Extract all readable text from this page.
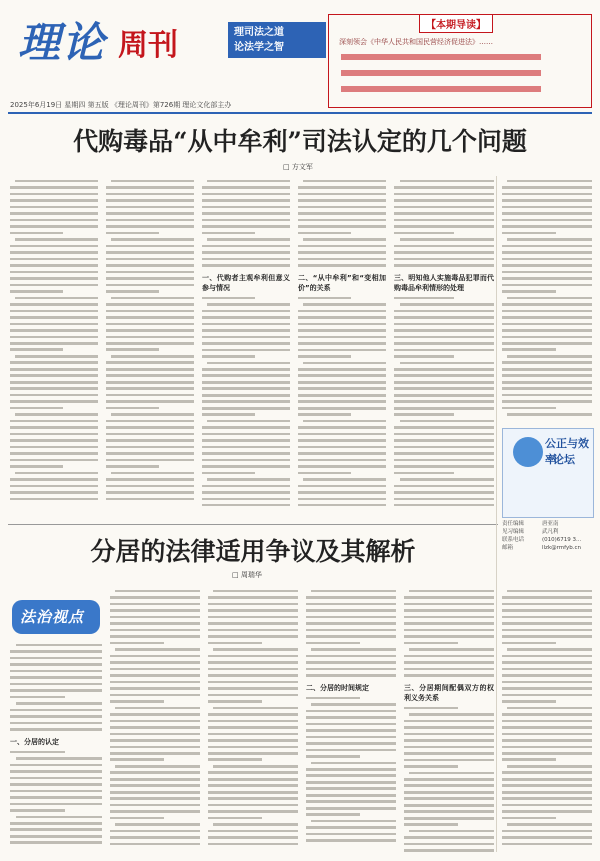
理论 周刊	理司法之道
论法学之智
【本期导读】
深刻领会《中华人民共和国民营经济促进法》……
2025年6月19日 星期四 第五版 《理论周刊》第726期 理论文化部主办
代购毒品“从中牟利”司法认定的几个问题
□ 方文军
一、代购者主观牟利但意义参与情况
二、“从中牟利”和“变相加价”的关系
三、明知他人实施毒品犯罪而代购毒品牟利情形的处理
公正与效率
论坛
责任编辑	唐亚南
见习编辑	武凡利
联系电话	(010)6719 3...
邮箱	llzk@rmfyb.cn
分居的法律适用争议及其解析
□ 周瑞华
法治视点
一、分居的认定
二、分居的时间规定	三、分居期间配偶双方的权利义务关系
